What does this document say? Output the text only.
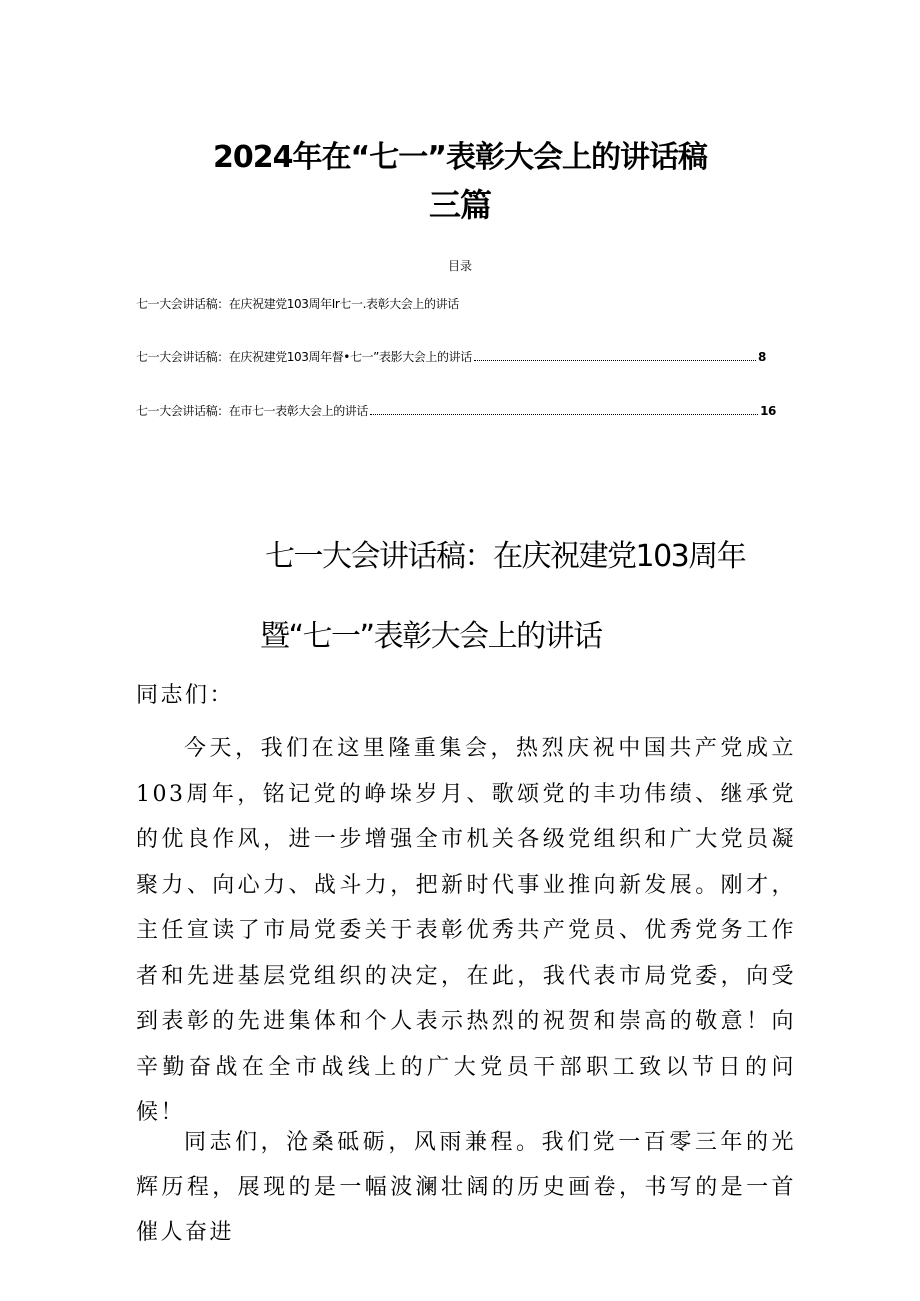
2024年在“七一”表彰大会上的讲话稿
三篇
目录
七一大会讲话稿：在庆祝建党103周年Ir七一.表彰大会上的讲话
七一大会讲话稿：在庆祝建党103周年督•七一”表影大会上的讲话	8
七一大会讲话稿：在市七一表彰大会上的讲话	16
七一大会讲话稿：在庆祝建党103周年
暨“七一”表彰大会上的讲话

同志们：

今天，我们在这里隆重集会，热烈庆祝中国共产党成立103周年，铭记党的峥垛岁月、歌颂党的丰功伟绩、继承党的优良作风，进一步增强全市机关各级党组织和广大党员凝聚力、向心力、战斗力，把新时代事业推向新发展。刚才，主任宣读了市局党委关于表彰优秀共产党员、优秀党务工作者和先进基层党组织的决定，在此，我代表市局党委，向受到表彰的先进集体和个人表示热烈的祝贺和崇高的敬意！向辛勤奋战在全市战线上的广大党员干部职工致以节日的问候！

同志们，沧桑砥砺，风雨兼程。我们党一百零三年的光辉历程，展现的是一幅波澜壮阔的历史画卷，书写的是一首催人奋进
